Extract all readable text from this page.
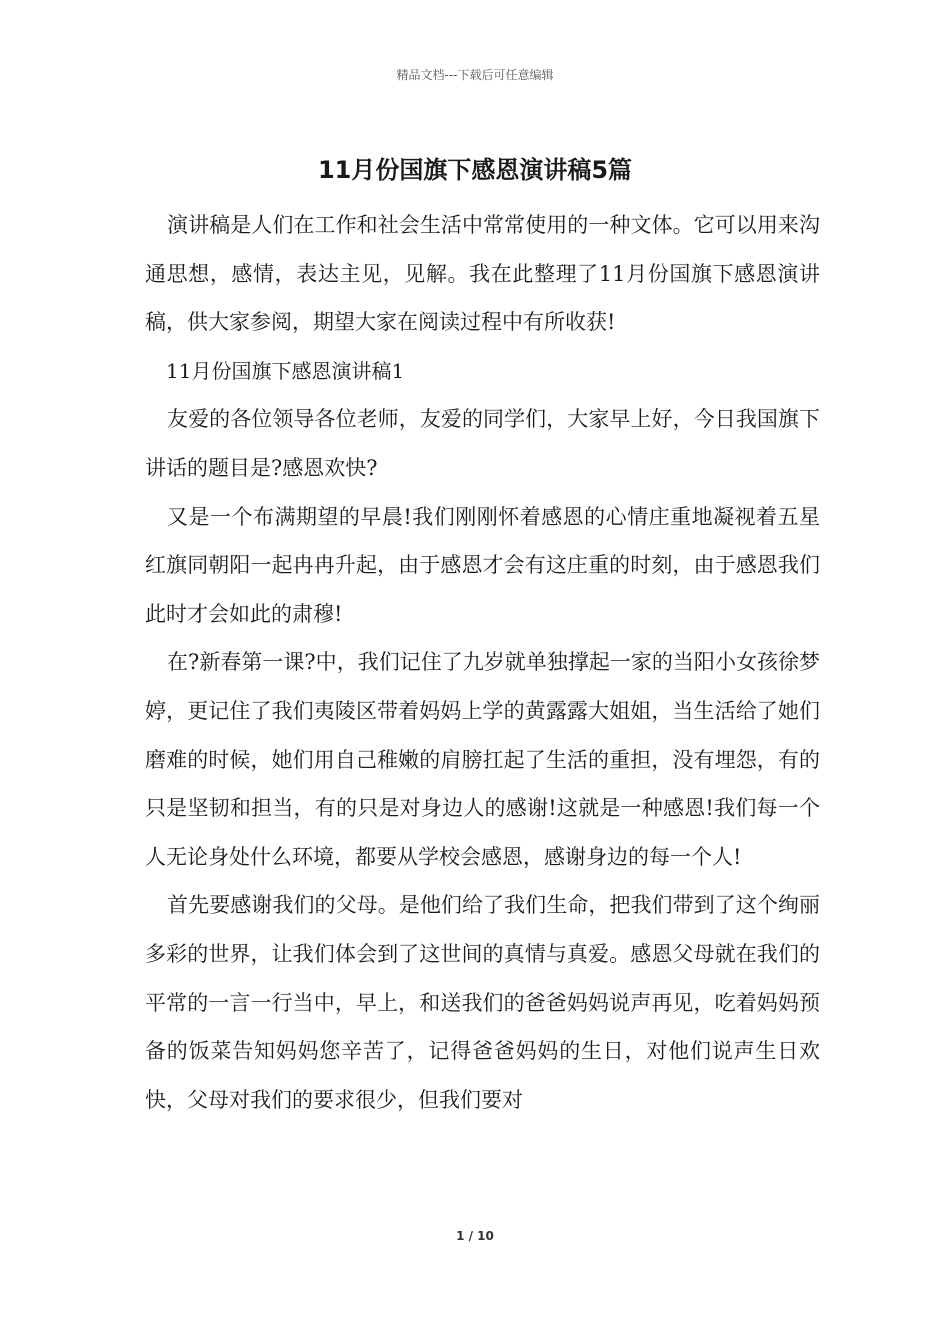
精品文档---下载后可任意编辑
11月份国旗下感恩演讲稿5篇

演讲稿是人们在工作和社会生活中常常使用的一种文体。它可以用来沟通思想，感情，表达主见，见解。我在此整理了11月份国旗下感恩演讲稿，供大家参阅，期望大家在阅读过程中有所收获!

11月份国旗下感恩演讲稿1

友爱的各位领导各位老师，友爱的同学们，大家早上好，今日我国旗下讲话的题目是?感恩欢快?

又是一个布满期望的早晨!我们刚刚怀着感恩的心情庄重地凝视着五星红旗同朝阳一起冉冉升起，由于感恩才会有这庄重的时刻，由于感恩我们此时才会如此的肃穆!

在?新春第一课?中，我们记住了九岁就单独撑起一家的当阳小女孩徐梦婷，更记住了我们夷陵区带着妈妈上学的黄露露大姐姐，当生活给了她们磨难的时候，她们用自己稚嫩的肩膀扛起了生活的重担，没有埋怨，有的只是坚韧和担当，有的只是对身边人的感谢!这就是一种感恩!我们每一个人无论身处什么环境，都要从学校会感恩，感谢身边的每一个人!

首先要感谢我们的父母。是他们给了我们生命，把我们带到了这个绚丽多彩的世界，让我们体会到了这世间的真情与真爱。感恩父母就在我们的平常的一言一行当中，早上，和送我们的爸爸妈妈说声再见，吃着妈妈预备的饭菜告知妈妈您辛苦了，记得爸爸妈妈的生日，对他们说声生日欢快，父母对我们的要求很少，但我们要对

1 / 10
